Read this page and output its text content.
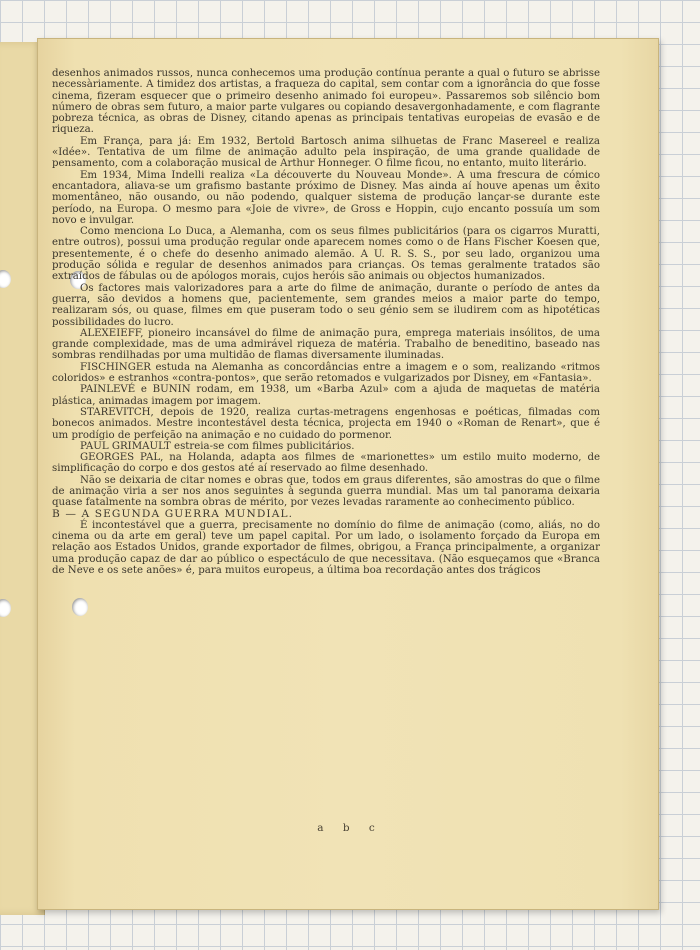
desenhos animados russos, nunca conhecemos uma produção contínua perante a qual o futuro se abrisse necessàriamente. A timidez dos artistas, a fraqueza do capital, sem contar com a ignorância do que fosse cinema, fizeram esquecer que o primeiro desenho animado foi europeu». Passaremos sob silêncio bom número de obras sem futuro, a maior parte vulgares ou copiando desavergonhadamente, e com flagrante pobreza técnica, as obras de Disney, citando apenas as principais tentativas europeias de evasão e de riqueza.

Em França, para já: Em 1932, Bertold Bartosch anima silhuetas de Franc Masereel e realiza «Idée». Tentativa de um filme de animação adulto pela inspiração, de uma grande qualidade de pensamento, com a colaboração musical de Arthur Honneger. O filme ficou, no entanto, muito literário.

Em 1934, Mima Indelli realiza «La découverte du Nouveau Monde». A uma frescura de cómico encantadora, aliava-se um grafismo bastante próximo de Disney. Mas ainda aí houve apenas um êxito momentâneo, não ousando, ou não podendo, qualquer sistema de produção lançar-se durante este período, na Europa. O mesmo para «Joie de vivre», de Gross e Hoppin, cujo encanto possuía um som novo e invulgar.

Como menciona Lo Duca, a Alemanha, com os seus filmes publicitários (para os cigarros Muratti, entre outros), possui uma produção regular onde aparecem nomes como o de Hans Fischer Koesen que, presentemente, é o chefe do desenho animado alemão. A U. R. S. S., por seu lado, organizou uma produção sólida e regular de desenhos animados para crianças. Os temas geralmente tratados são extraídos de fábulas ou de apólogos morais, cujos heróis são animais ou objectos humanizados.

Os factores mais valorizadores para a arte do filme de animação, durante o período de antes da guerra, são devidos a homens que, pacientemente, sem grandes meios a maior parte do tempo, realizaram sós, ou quase, filmes em que puseram todo o seu génio sem se iludirem com as hipotéticas possibilidades do lucro.

ALEXEIEFF, pioneiro incansável do filme de animação pura, emprega materiais insólitos, de uma grande complexidade, mas de uma admirável riqueza de matéria. Trabalho de beneditino, baseado nas sombras rendilhadas por uma multidão de flamas diversamente iluminadas.

FISCHINGER estuda na Alemanha as concordâncias entre a imagem e o som, realizando «ritmos coloridos» e estranhos «contra-pontos», que serão retomados e vulgarizados por Disney, em «Fantasia».

PAINLEVÉ e BUNIN rodam, em 1938, um «Barba Azul» com a ajuda de maquetas de matéria plástica, animadas imagem por imagem.

STAREVITCH, depois de 1920, realiza curtas-metragens engenhosas e poéticas, filmadas com bonecos animados. Mestre incontestável desta técnica, projecta em 1940 o «Roman de Renart», que é um prodígio de perfeição na animação e no cuidado do pormenor.

PAUL GRIMAULT estreia-se com filmes publicitários.

GEORGES PAL, na Holanda, adapta aos filmes de «marionettes» um estilo muito moderno, de simplificação do corpo e dos gestos até aí reservado ao filme desenhado.

Não se deixaria de citar nomes e obras que, todos em graus diferentes, são amostras do que o filme de animação viria a ser nos anos seguintes à segunda guerra mundial. Mas um tal panorama deixaria quase fatalmente na sombra obras de mérito, por vezes levadas raramente ao conhecimento público.

B — A SEGUNDA GUERRA MUNDIAL.

É incontestável que a guerra, precisamente no domínio do filme de animação (como, aliás, no do cinema ou da arte em geral) teve um papel capital. Por um lado, o isolamento forçado da Europa em relação aos Estados Unidos, grande exportador de filmes, obrigou, a França principalmente, a organizar uma produção capaz de dar ao público o espectáculo de que necessitava. (Não esqueçamos que «Branca de Neve e os sete anões» é, para muitos europeus, a última boa recordação antes dos trágicos

a b c
